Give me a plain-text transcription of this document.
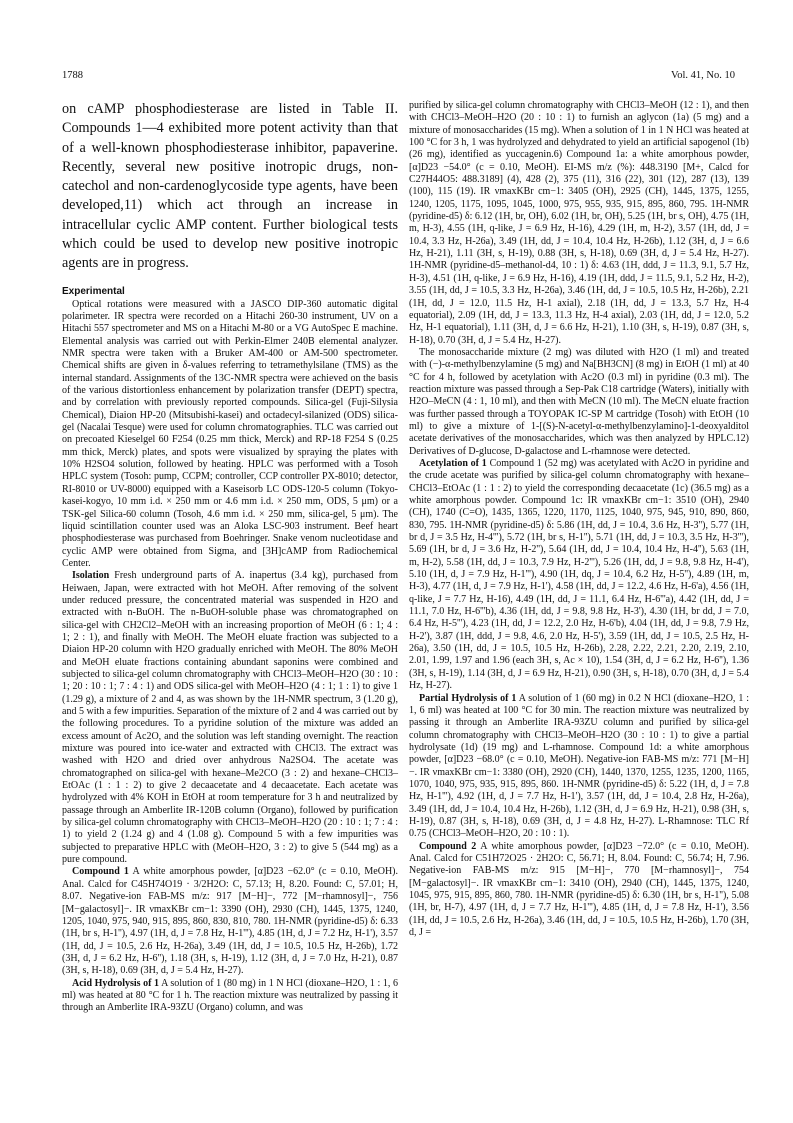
1788	Vol. 41, No. 10

on cAMP phosphodiesterase are listed in Table II. Compounds 1—4 exhibited more potent activity than that of a well-known phosphodiesterase inhibitor, papaverine. Recently, several new positive inotropic drugs, non-catechol and non-cardenoglycoside type agents, have been developed,11) which act through an increase in intracellular cyclic AMP content. Further biological tests which could be used to develop new positive inotropic agents are in progress.

Experimental

Optical rotations were measured with a JASCO DIP-360 automatic digital polarimeter. IR spectra were recorded on a Hitachi 260-30 instrument, UV on a Hitachi 557 spectrometer and MS on a Hitachi M-80 or a VG AutoSpec E machine. Elemental analysis was carried out with Perkin-Elmer 240B elemental analyzer. NMR spectra were taken with a Bruker AM-400 or AM-500 spectrometer. Chemical shifts are given in δ-values referring to tetramethylsilane (TMS) as the internal standard. Assignments of the 13C-NMR spectra were achieved on the basis of the various distortionless enhancement by polarization transfer (DEPT) spectra, and by correlation with previously reported compounds. Silica-gel (Fuji-Silysia Chemical), Diaion HP-20 (Mitsubishi-kasei) and octadecyl-silanized (ODS) silica-gel (Nacalai Tesque) were used for column chromatographies. TLC was carried out on precoated Kieselgel 60 F254 (0.25 mm thick, Merck) and RP-18 F254 S (0.25 mm thick, Merck) plates, and spots were visualized by spraying the plates with 10% H2SO4 solution, followed by heating. HPLC was performed with a Tosoh HPLC system (Tosoh: pump, CCPM; controller, CCP controller PX-8010; detector, RI-8010 or UV-8000) equipped with a Kaseisorb LC ODS-120-5 column (Tokyo-kasei-kogyo, 10 mm i.d. × 250 mm or 4.6 mm i.d. × 250 mm, ODS, 5 μm) or a TSK-gel Silica-60 column (Tosoh, 4.6 mm i.d. × 250 mm, silica-gel, 5 μm). The liquid scintillation counter used was an Aloka LSC-903 instrument. Beef heart phosphodiesterase was purchased from Boehringer. Snake venom nucleotidase and cyclic AMP were obtained from Sigma, and [3H]cAMP from Radiochemical Center.

Isolation Fresh underground parts of A. inapertus (3.4 kg), purchased from Heiwaen, Japan, were extracted with hot MeOH. After removing of the solvent under reduced pressure, the concentrated material was suspended in H2O and extracted with n-BuOH. The n-BuOH-soluble phase was chromatographed on silica-gel with CH2Cl2–MeOH with an increasing proportion of MeOH (6 : 1; 4 : 1; 2 : 1), and finally with MeOH. The MeOH eluate fraction was subjected to a Diaion HP-20 column with H2O gradually enriched with MeOH. The 80% MeOH and MeOH eluate fractions containing abundant saponins were combined and subjected to silica-gel column chromatography with CHCl3–MeOH–H2O (30 : 10 : 1; 20 : 10 : 1; 7 : 4 : 1) and ODS silica-gel with MeOH–H2O (4 : 1; 1 : 1) to give 1 (1.29 g), a mixture of 2 and 4, as was shown by the 1H-NMR spectrum, 3 (1.20 g), and 5 with a few impurities. Separation of the mixture of 2 and 4 was carried out by the following procedures. To a pyridine solution of the mixture was added an excess amount of Ac2O, and the solution was left standing overnight. The reaction mixture was poured into ice-water and extracted with CHCl3. The extract was washed with H2O and dried over anhydrous Na2SO4. The acetate was chromatographed on silica-gel with hexane–Me2CO (3 : 2) and hexane–CHCl3–EtOAc (1 : 1 : 2) to give 2 decaacetate and 4 decaacetate. Each acetate was hydrolyzed with 4% KOH in EtOH at room temperature for 3 h and neutralized by passage through an Amberlite IR-120B column (Organo), followed by purification by silica-gel column chromatography with CHCl3–MeOH–H2O (20 : 10 : 1; 7 : 4 : 1) to yield 2 (1.24 g) and 4 (1.08 g). Compound 5 with a few impurities was subjected to preparative HPLC with (MeOH–H2O, 3 : 2) to give 5 (544 mg) as a pure compound.

Compound 1 A white amorphous powder, [α]D23 −62.0° (c = 0.10, MeOH). Anal. Calcd for C45H74O19 · 3/2H2O: C, 57.13; H, 8.20. Found: C, 57.01; H, 8.07. Negative-ion FAB-MS m/z: 917 [M−H]−, 772 [M−rhamnosyl]−, 756 [M−galactosyl]−. IR νmaxKBr cm−1: 3390 (OH), 2930 (CH), 1445, 1375, 1240, 1205, 1040, 975, 940, 915, 895, 860, 830, 810, 780. 1H-NMR (pyridine-d5) δ: 6.33 (1H, br s, H-1''), 4.97 (1H, d, J = 7.8 Hz, H-1'''), 4.85 (1H, d, J = 7.2 Hz, H-1'), 3.57 (1H, dd, J = 10.5, 2.6 Hz, H-26a), 3.49 (1H, dd, J = 10.5, 10.5 Hz, H-26b), 1.72 (3H, d, J = 6.2 Hz, H-6''), 1.18 (3H, s, H-19), 1.12 (3H, d, J = 7.0 Hz, H-21), 0.87 (3H, s, H-18), 0.69 (3H, d, J = 5.4 Hz, H-27).

Acid Hydrolysis of 1 A solution of 1 (80 mg) in 1 N HCl (dioxane–H2O, 1 : 1, 6 ml) was heated at 80 °C for 1 h. The reaction mixture was neutralized by passing it through an Amberlite IRA-93ZU (Organo) column, and was

purified by silica-gel column chromatography with CHCl3–MeOH (12 : 1), and then with CHCl3–MeOH–H2O (20 : 10 : 1) to furnish an aglycon (1a) (5 mg) and a mixture of monosaccharides (15 mg). When a solution of 1 in 1 N HCl was heated at 100 °C for 3 h, 1 was hydrolyzed and dehydrated to yield an artificial sapogenol (1b) (26 mg), identified as yuccagenin.6) Compound 1a: a white amorphous powder, [α]D23 −54.0° (c = 0.10, MeOH). EI-MS m/z (%): 448.3190 [M+, Calcd for C27H44O5: 488.3189] (4), 428 (2), 375 (11), 316 (22), 301 (12), 287 (13), 139 (100), 115 (19). IR νmaxKBr cm−1: 3405 (OH), 2925 (CH), 1445, 1375, 1255, 1240, 1205, 1175, 1095, 1045, 1000, 975, 955, 935, 915, 895, 860, 795. 1H-NMR (pyridine-d5) δ: 6.12 (1H, br, OH), 6.02 (1H, br, OH), 5.25 (1H, br s, OH), 4.75 (1H, m, H-3), 4.55 (1H, q-like, J = 6.9 Hz, H-16), 4.29 (1H, m, H-2), 3.57 (1H, dd, J = 10.4, 3.3 Hz, H-26a), 3.49 (1H, dd, J = 10.4, 10.4 Hz, H-26b), 1.12 (3H, d, J = 6.6 Hz, H-21), 1.11 (3H, s, H-19), 0.88 (3H, s, H-18), 0.69 (3H, d, J = 5.4 Hz, H-27). 1H-NMR (pyridine-d5–methanol-d4, 10 : 1) δ: 4.63 (1H, ddd, J = 11.3, 9.1, 5.7 Hz, H-3), 4.51 (1H, q-like, J = 6.9 Hz, H-16), 4.19 (1H, ddd, J = 11.5, 9.1, 5.2 Hz, H-2), 3.55 (1H, dd, J = 10.5, 3.3 Hz, H-26a), 3.46 (1H, dd, J = 10.5, 10.5 Hz, H-26b), 2.21 (1H, dd, J = 12.0, 11.5 Hz, H-1 axial), 2.18 (1H, dd, J = 13.3, 5.7 Hz, H-4 equatorial), 2.09 (1H, dd, J = 13.3, 11.3 Hz, H-4 axial), 2.03 (1H, dd, J = 12.0, 5.2 Hz, H-1 equatorial), 1.11 (3H, d, J = 6.6 Hz, H-21), 1.10 (3H, s, H-19), 0.87 (3H, s, H-18), 0.70 (3H, d, J = 5.4 Hz, H-27).

The monosaccharide mixture (2 mg) was diluted with H2O (1 ml) and treated with (−)-α-methylbenzylamine (5 mg) and Na[BH3CN] (8 mg) in EtOH (1 ml) at 40 °C for 4 h, followed by acetylation with Ac2O (0.3 ml) in pyridine (0.3 ml). The reaction mixture was passed through a Sep-Pak C18 cartridge (Waters), initially with H2O–MeCN (4 : 1, 10 ml), and then with MeCN (10 ml). The MeCN eluate fraction was further passed through a TOYOPAK IC-SP M cartridge (Tosoh) with EtOH (10 ml) to give a mixture of 1-[(S)-N-acetyl-α-methylbenzylamino]-1-deoxyalditol acetate derivatives of the monosaccharides, which was then analyzed by HPLC.12) Derivatives of D-glucose, D-galactose and L-rhamnose were detected.

Acetylation of 1 Compound 1 (52 mg) was acetylated with Ac2O in pyridine and the crude acetate was purified by silica-gel column chromatography with hexane–CHCl3–EtOAc (1 : 1 : 2) to yield the corresponding decaacetate (1c) (36.5 mg) as a white amorphous powder. Compound 1c: IR νmaxKBr cm−1: 3510 (OH), 2940 (CH), 1740 (C=O), 1435, 1365, 1220, 1170, 1125, 1040, 975, 945, 910, 890, 860, 830, 795. 1H-NMR (pyridine-d5) δ: 5.86 (1H, dd, J = 10.4, 3.6 Hz, H-3''), 5.77 (1H, br d, J = 3.5 Hz, H-4'''), 5.72 (1H, br s, H-1''), 5.71 (1H, dd, J = 10.3, 3.5 Hz, H-3'''), 5.69 (1H, br d, J = 3.6 Hz, H-2''), 5.64 (1H, dd, J = 10.4, 10.4 Hz, H-4''), 5.63 (1H, m, H-2), 5.58 (1H, dd, J = 10.3, 7.9 Hz, H-2'''), 5.26 (1H, dd, J = 9.8, 9.8 Hz, H-4'), 5.10 (1H, d, J = 7.9 Hz, H-1'''), 4.90 (1H, dq, J = 10.4, 6.2 Hz, H-5''), 4.89 (1H, m, H-3), 4.77 (1H, d, J = 7.9 Hz, H-1'), 4.58 (1H, dd, J = 12.2, 4.6 Hz, H-6'a), 4.56 (1H, q-like, J = 7.7 Hz, H-16), 4.49 (1H, dd, J = 11.1, 6.4 Hz, H-6'''a), 4.42 (1H, dd, J = 11.1, 7.0 Hz, H-6'''b), 4.36 (1H, dd, J = 9.8, 9.8 Hz, H-3'), 4.30 (1H, br dd, J = 7.0, 6.4 Hz, H-5'''), 4.23 (1H, dd, J = 12.2, 2.0 Hz, H-6'b), 4.04 (1H, dd, J = 9.8, 7.9 Hz, H-2'), 3.87 (1H, ddd, J = 9.8, 4.6, 2.0 Hz, H-5'), 3.59 (1H, dd, J = 10.5, 2.5 Hz, H-26a), 3.50 (1H, dd, J = 10.5, 10.5 Hz, H-26b), 2.28, 2.22, 2.21, 2.20, 2.19, 2.10, 2.01, 1.99, 1.97 and 1.96 (each 3H, s, Ac × 10), 1.54 (3H, d, J = 6.2 Hz, H-6''), 1.36 (3H, s, H-19), 1.14 (3H, d, J = 6.9 Hz, H-21), 0.90 (3H, s, H-18), 0.70 (3H, d, J = 5.4 Hz, H-27).

Partial Hydrolysis of 1 A solution of 1 (60 mg) in 0.2 N HCl (dioxane–H2O, 1 : 1, 6 ml) was heated at 100 °C for 30 min. The reaction mixture was neutralized by passing it through an Amberlite IRA-93ZU column and purified by silica-gel column chromatography with CHCl3–MeOH–H2O (30 : 10 : 1) to give a partial hydrolysate (1d) (19 mg) and L-rhamnose. Compound 1d: a white amorphous powder, [α]D23 −68.0° (c = 0.10, MeOH). Negative-ion FAB-MS m/z: 771 [M−H]−. IR νmaxKBr cm−1: 3380 (OH), 2920 (CH), 1440, 1370, 1255, 1235, 1200, 1165, 1070, 1040, 975, 935, 915, 895, 860. 1H-NMR (pyridine-d5) δ: 5.22 (1H, d, J = 7.8 Hz, H-1'''), 4.92 (1H, d, J = 7.7 Hz, H-1'), 3.57 (1H, dd, J = 10.4, 2.8 Hz, H-26a), 3.49 (1H, dd, J = 10.4, 10.4 Hz, H-26b), 1.12 (3H, d, J = 6.9 Hz, H-21), 0.98 (3H, s, H-19), 0.87 (3H, s, H-18), 0.69 (3H, d, J = 4.8 Hz, H-27). L-Rhamnose: TLC Rf 0.75 (CHCl3–MeOH–H2O, 20 : 10 : 1).

Compound 2 A white amorphous powder, [α]D23 −72.0° (c = 0.10, MeOH). Anal. Calcd for C51H72O25 · 2H2O: C, 56.71; H, 8.04. Found: C, 56.74; H, 7.96. Negative-ion FAB-MS m/z: 915 [M−H]−, 770 [M−rhamnosyl]−, 754 [M−galactosyl]−. IR νmaxKBr cm−1: 3410 (OH), 2940 (CH), 1445, 1375, 1240, 1045, 975, 915, 895, 860, 780. 1H-NMR (pyridine-d5) δ: 6.30 (1H, br s, H-1''), 5.08 (1H, br, H-7), 4.97 (1H, d, J = 7.7 Hz, H-1'''), 4.85 (1H, d, J = 7.8 Hz, H-1'), 3.56 (1H, dd, J = 10.5, 2.6 Hz, H-26a), 3.46 (1H, dd, J = 10.5, 10.5 Hz, H-26b), 1.70 (3H, d, J =
